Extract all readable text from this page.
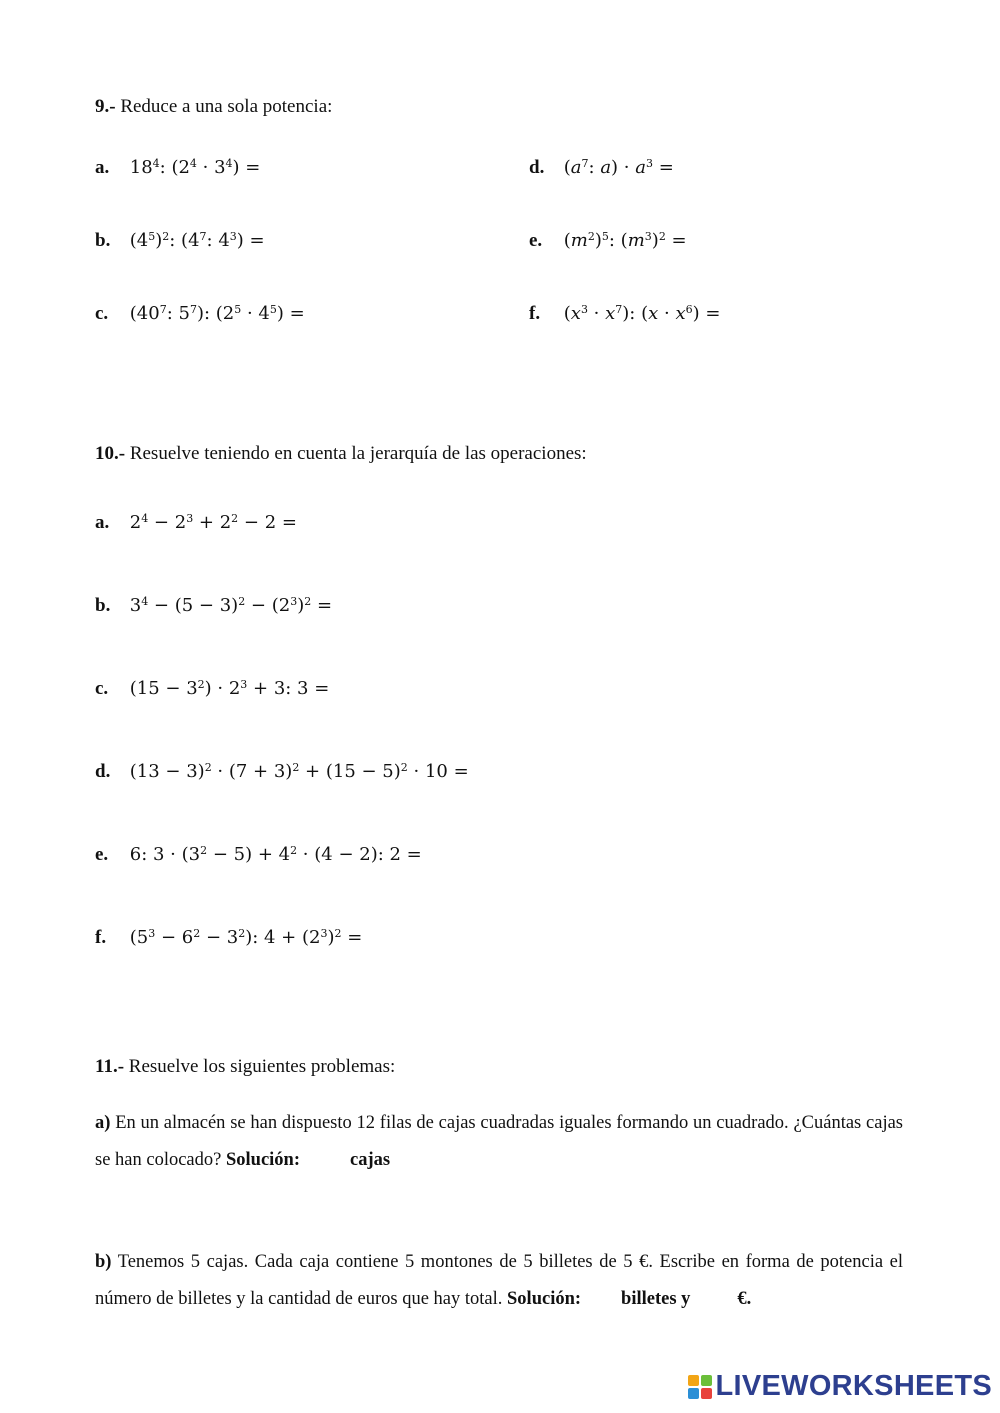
9.- Reduce a una sola potencia:
a. $18^4$: $(2^4 \cdot 3^4)$ =
b. $(4^5)^2$: ($4^7$: $4^3$) =
c. ($40^7$: $5^7$): $(2^5 \cdot 4^5)$ =
d. ($a^7$: $a) \cdot a^3$ =
e. $(m^2)^5$: $(m^3)^2$ =
f. $(x^3 \cdot x^7)$: $(x \cdot x^6)$ =
10.- Resuelve teniendo en cuenta la jerarquía de las operaciones:
a. $2^4 - 2^3 + 2^2 - 2$ =
b. $3^4 - (5 - 3)^2 - (2^3)^2$ =
c. $(15 - 3^2) \cdot 2^3 + 3$: 3 =
d. $(13 - 3)^2 \cdot (7 + 3)^2 + (15 - 5)^2 \cdot 10$ =
e. 6: $3 \cdot (3^2 - 5) + 4^2 \cdot (4 - 2)$: 2 =
f. $(5^3 - 6^2 - 3^2)$: $4 + (2^3)^2$ =
11.- Resuelve los siguientes problemas:
a) En un almacén se han dispuesto 12 filas de cajas cuadradas iguales formando un cuadrado. ¿Cuántas cajas se han colocado? Solución:	cajas
b) Tenemos 5 cajas. Cada caja contiene 5 montones de 5 billetes de 5 €. Escribe en forma de potencia el número de billetes y la cantidad de euros que hay total. Solución: billetes y	€.
LIVEWORKSHEETS
